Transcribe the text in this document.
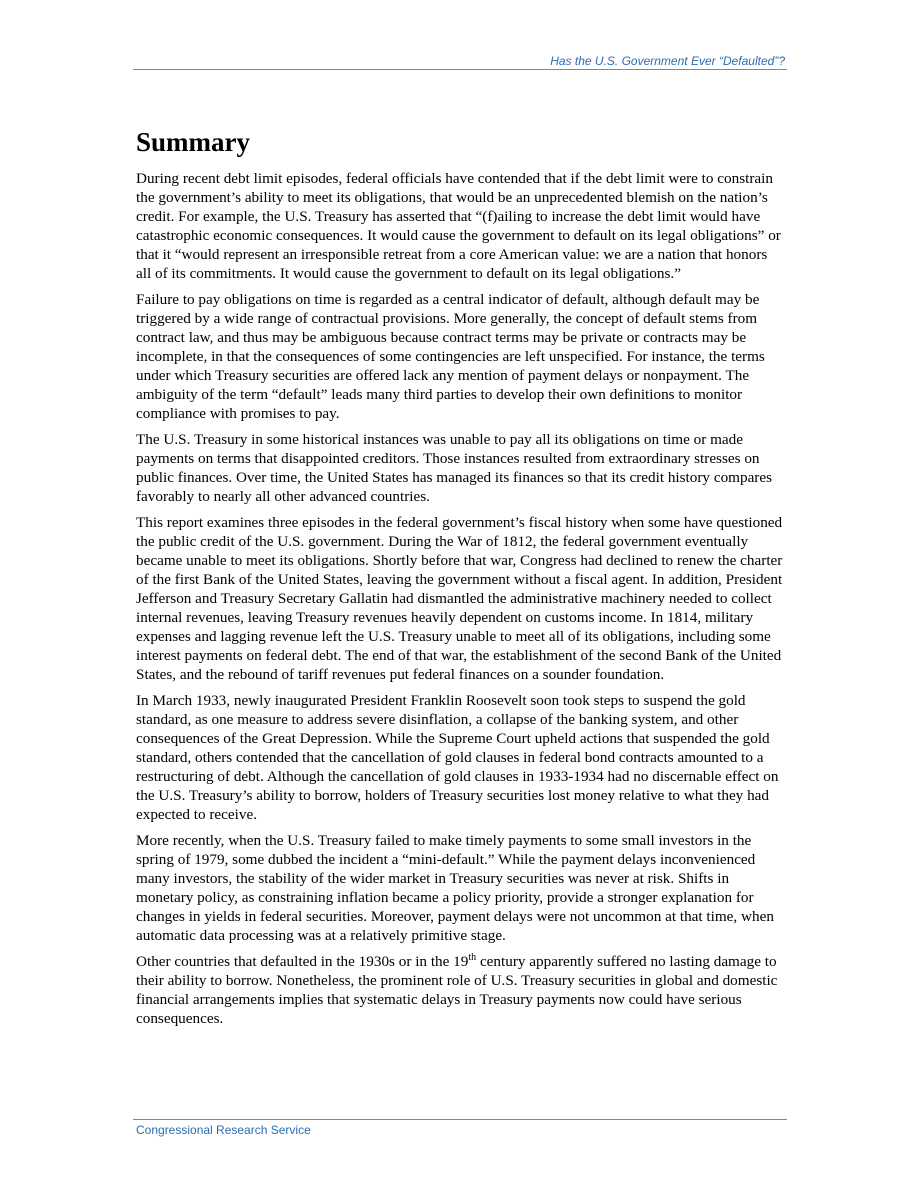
Has the U.S. Government Ever “Defaulted”?
Summary

During recent debt limit episodes, federal officials have contended that if the debt limit were to constrain the government’s ability to meet its obligations, that would be an unprecedented blemish on the nation’s credit. For example, the U.S. Treasury has asserted that “(f)ailing to increase the debt limit would have catastrophic economic consequences. It would cause the government to default on its legal obligations” or that it “would represent an irresponsible retreat from a core American value: we are a nation that honors all of its commitments. It would cause the government to default on its legal obligations.”

Failure to pay obligations on time is regarded as a central indicator of default, although default may be triggered by a wide range of contractual provisions. More generally, the concept of default stems from contract law, and thus may be ambiguous because contract terms may be private or contracts may be incomplete, in that the consequences of some contingencies are left unspecified. For instance, the terms under which Treasury securities are offered lack any mention of payment delays or nonpayment. The ambiguity of the term “default” leads many third parties to develop their own definitions to monitor compliance with promises to pay.

The U.S. Treasury in some historical instances was unable to pay all its obligations on time or made payments on terms that disappointed creditors. Those instances resulted from extraordinary stresses on public finances. Over time, the United States has managed its finances so that its credit history compares favorably to nearly all other advanced countries.

This report examines three episodes in the federal government’s fiscal history when some have questioned the public credit of the U.S. government. During the War of 1812, the federal government eventually became unable to meet its obligations. Shortly before that war, Congress had declined to renew the charter of the first Bank of the United States, leaving the government without a fiscal agent. In addition, President Jefferson and Treasury Secretary Gallatin had dismantled the administrative machinery needed to collect internal revenues, leaving Treasury revenues heavily dependent on customs income. In 1814, military expenses and lagging revenue left the U.S. Treasury unable to meet all of its obligations, including some interest payments on federal debt. The end of that war, the establishment of the second Bank of the United States, and the rebound of tariff revenues put federal finances on a sounder foundation.

In March 1933, newly inaugurated President Franklin Roosevelt soon took steps to suspend the gold standard, as one measure to address severe disinflation, a collapse of the banking system, and other consequences of the Great Depression. While the Supreme Court upheld actions that suspended the gold standard, others contended that the cancellation of gold clauses in federal bond contracts amounted to a restructuring of debt. Although the cancellation of gold clauses in 1933-1934 had no discernable effect on the U.S. Treasury’s ability to borrow, holders of Treasury securities lost money relative to what they had expected to receive.

More recently, when the U.S. Treasury failed to make timely payments to some small investors in the spring of 1979, some dubbed the incident a “mini-default.” While the payment delays inconvenienced many investors, the stability of the wider market in Treasury securities was never at risk. Shifts in monetary policy, as constraining inflation became a policy priority, provide a stronger explanation for changes in yields in federal securities. Moreover, payment delays were not uncommon at that time, when automatic data processing was at a relatively primitive stage.

Other countries that defaulted in the 1930s or in the 19th century apparently suffered no lasting damage to their ability to borrow. Nonetheless, the prominent role of U.S. Treasury securities in global and domestic financial arrangements implies that systematic delays in Treasury payments now could have serious consequences.

Congressional Research Service
